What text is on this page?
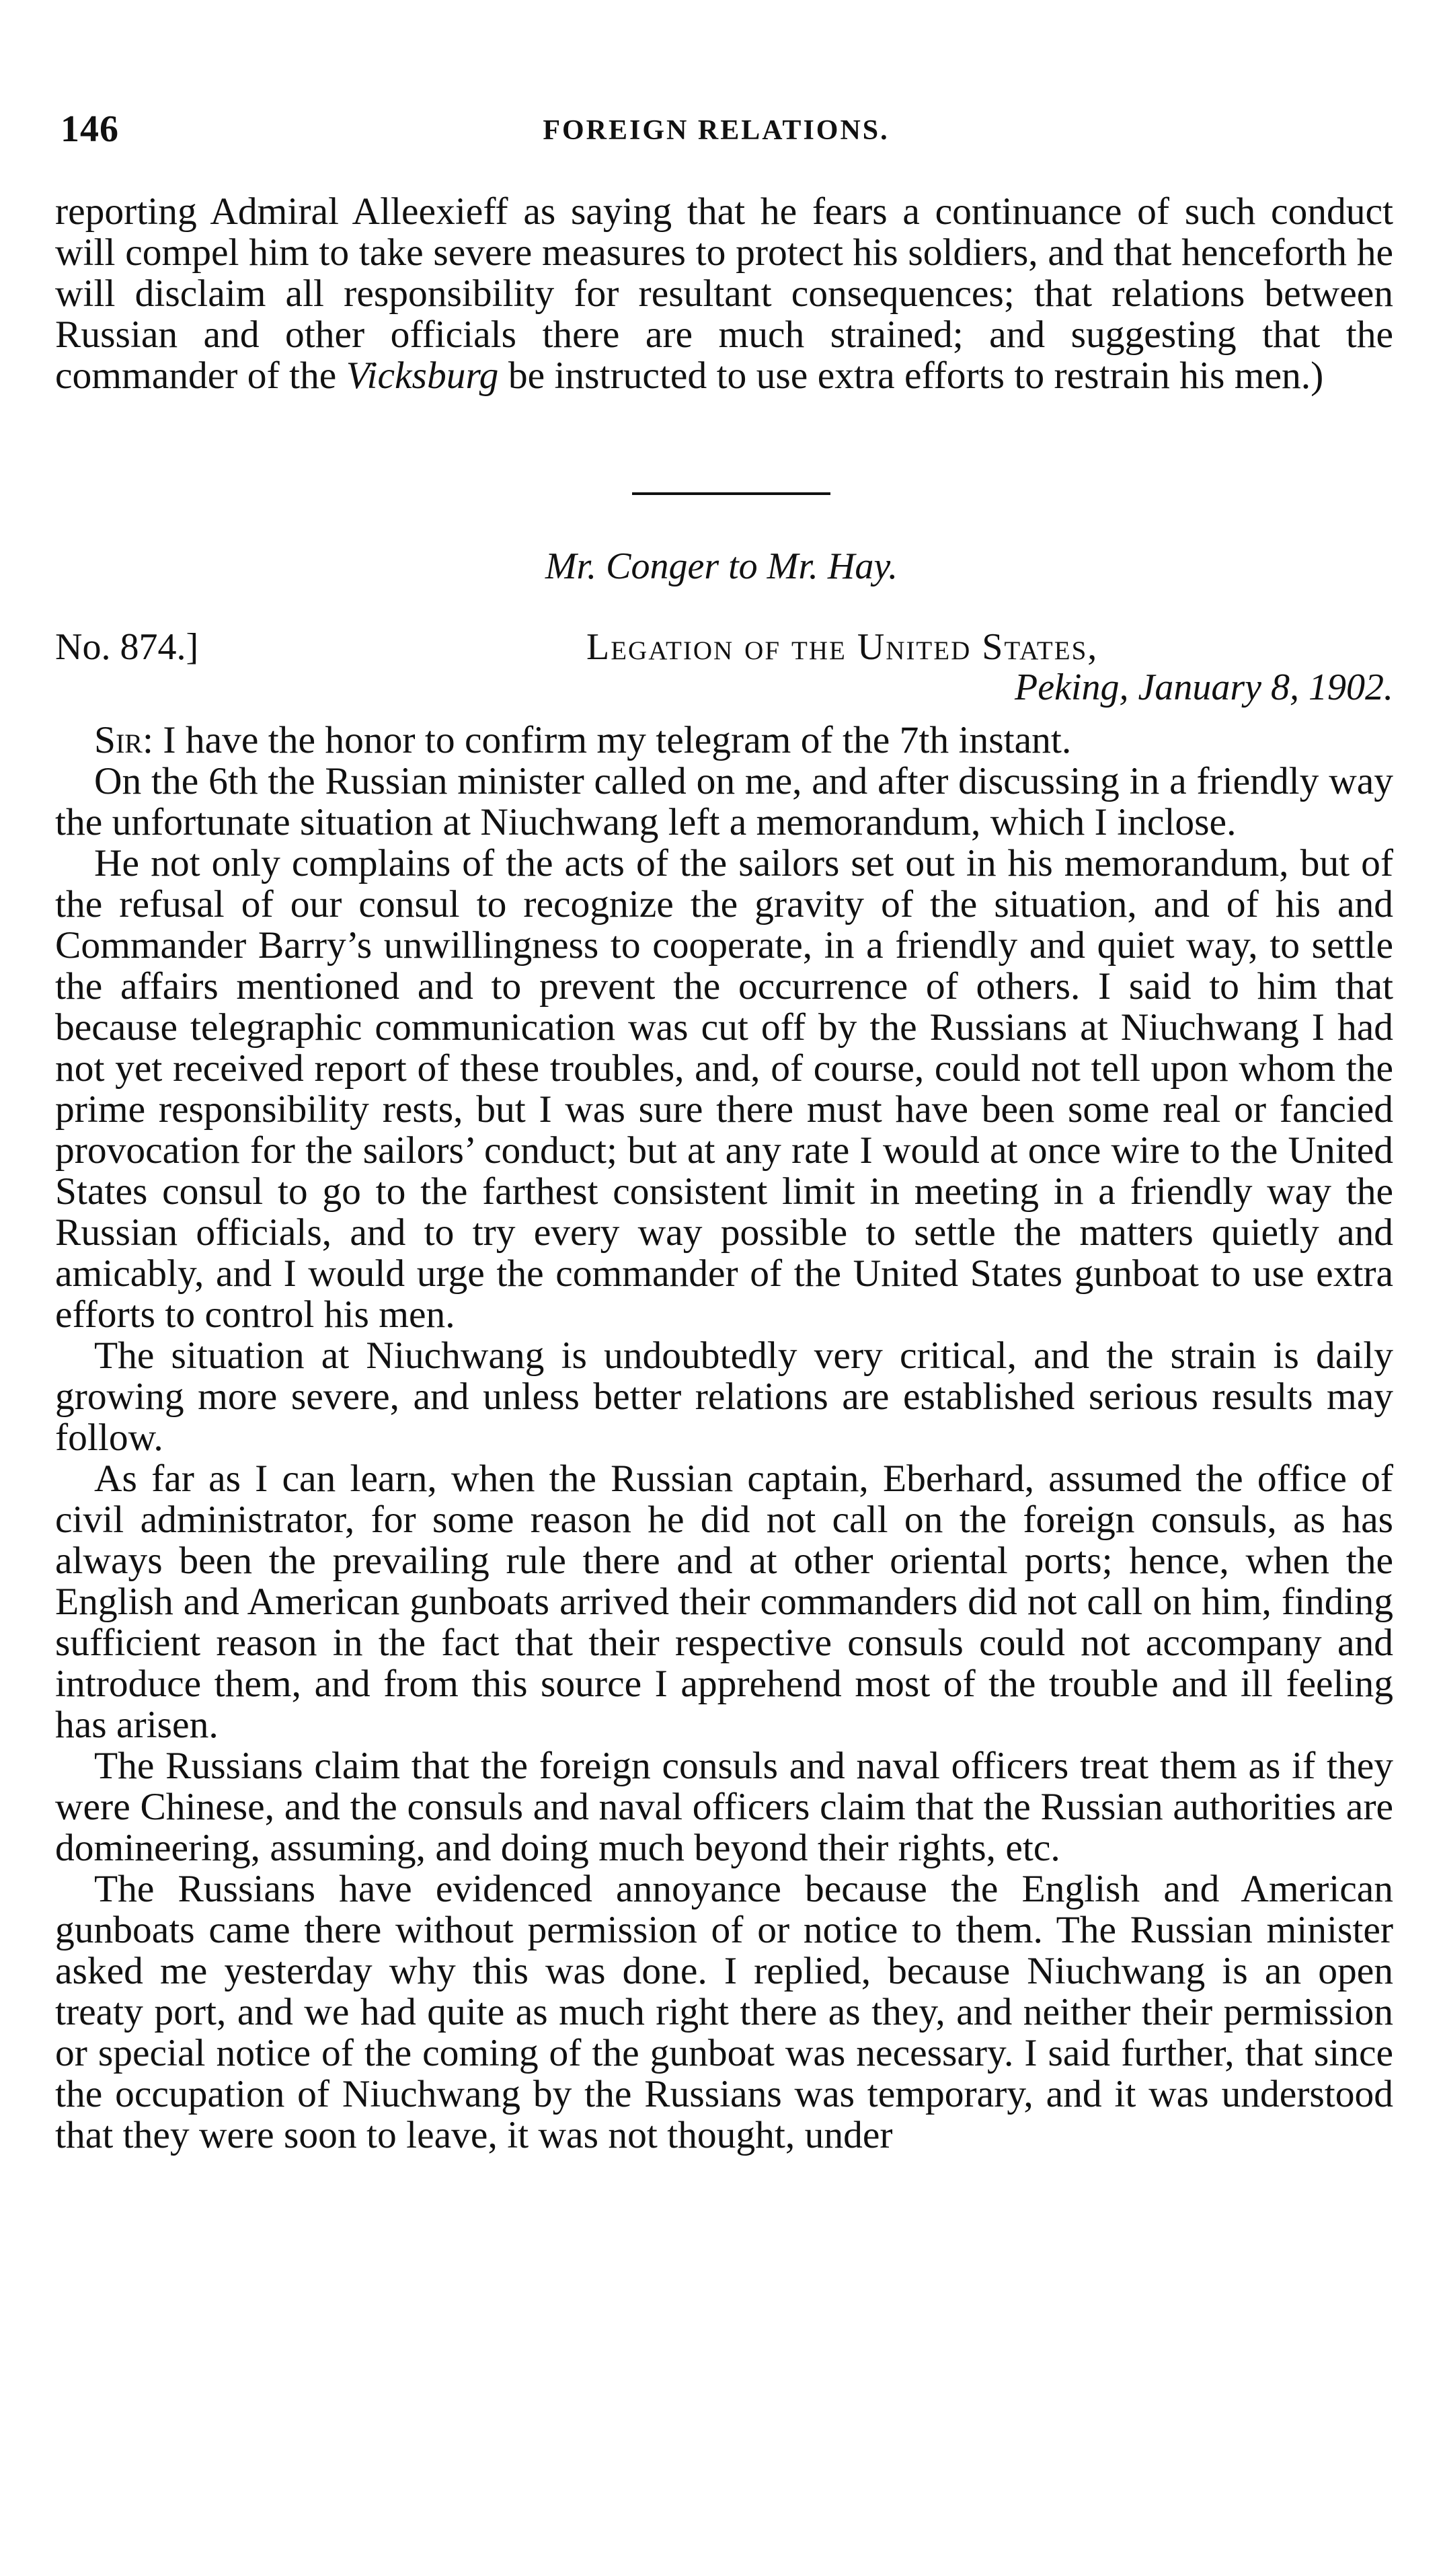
146	FOREIGN RELATIONS.

reporting Admiral Alleexieff as saying that he fears a continuance of such conduct will compel him to take severe measures to protect his soldiers, and that henceforth he will disclaim all responsibility for resultant consequences; that relations between Russian and other officials there are much strained; and suggesting that the commander of the Vicksburg be instructed to use extra efforts to restrain his men.)

Mr. Conger to Mr. Hay.
No. 874.]	Legation of the United States,
Peking, January 8, 1902.

Sir: I have the honor to confirm my telegram of the 7th instant.

On the 6th the Russian minister called on me, and after discussing in a friendly way the unfortunate situation at Niuchwang left a memorandum, which I inclose.

He not only complains of the acts of the sailors set out in his memorandum, but of the refusal of our consul to recognize the gravity of the situation, and of his and Commander Barry’s unwillingness to cooperate, in a friendly and quiet way, to settle the affairs mentioned and to prevent the occurrence of others. I said to him that because telegraphic communication was cut off by the Russians at Niuchwang I had not yet received report of these troubles, and, of course, could not tell upon whom the prime responsibility rests, but I was sure there must have been some real or fancied provocation for the sailors’ conduct; but at any rate I would at once wire to the United States consul to go to the farthest consistent limit in meeting in a friendly way the Russian officials, and to try every way possible to settle the matters quietly and amicably, and I would urge the commander of the United States gunboat to use extra efforts to control his men.

The situation at Niuchwang is undoubtedly very critical, and the strain is daily growing more severe, and unless better relations are established serious results may follow.

As far as I can learn, when the Russian captain, Eberhard, assumed the office of civil administrator, for some reason he did not call on the foreign consuls, as has always been the prevailing rule there and at other oriental ports; hence, when the English and American gunboats arrived their commanders did not call on him, finding sufficient reason in the fact that their respective consuls could not accompany and introduce them, and from this source I apprehend most of the trouble and ill feeling has arisen.

The Russians claim that the foreign consuls and naval officers treat them as if they were Chinese, and the consuls and naval officers claim that the Russian authorities are domineering, assuming, and doing much beyond their rights, etc.

The Russians have evidenced annoyance because the English and American gunboats came there without permission of or notice to them. The Russian minister asked me yesterday why this was done. I replied, because Niuchwang is an open treaty port, and we had quite as much right there as they, and neither their permission or special notice of the coming of the gunboat was necessary. I said further, that since the occupation of Niuchwang by the Russians was temporary, and it was understood that they were soon to leave, it was not thought, under
